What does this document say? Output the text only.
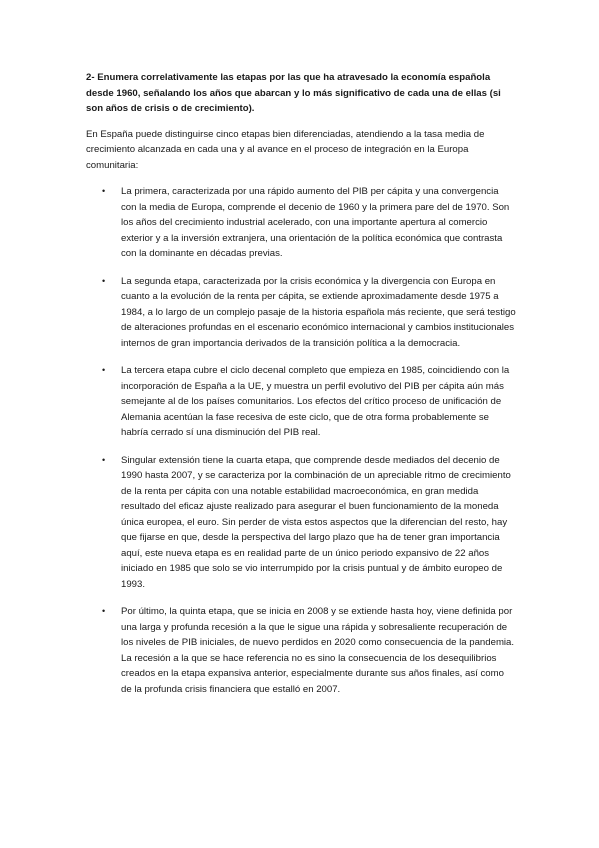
2- Enumera correlativamente las etapas por las que ha atravesado la economía española desde 1960, señalando los años que abarcan y lo más significativo de cada una de ellas (si son años de crisis o de crecimiento).

En España puede distinguirse cinco etapas bien diferenciadas, atendiendo a la tasa media de crecimiento alcanzada en cada una y al avance en el proceso de integración en la Europa comunitaria:

• La primera, caracterizada por una rápido aumento del PIB per cápita y una convergencia con la media de Europa, comprende el decenio de 1960 y la primera pare del de 1970. Son los años del crecimiento industrial acelerado, con una importante apertura al comercio exterior y a la inversión extranjera, una orientación de la política económica que contrasta con la dominante en décadas previas.
• La segunda etapa, caracterizada por la crisis económica y la divergencia con Europa en cuanto a la evolución de la renta per cápita, se extiende aproximadamente desde 1975 a 1984, a lo largo de un complejo pasaje de la historia española más reciente, que será testigo de alteraciones profundas en el escenario económico internacional y cambios institucionales internos de gran importancia derivados de la transición política a la democracia.
• La tercera etapa cubre el ciclo decenal completo que empieza en 1985, coincidiendo con la incorporación de España a la UE, y muestra un perfil evolutivo del PIB per cápita aún más semejante al de los países comunitarios. Los efectos del crítico proceso de unificación de Alemania acentúan la fase recesiva de este ciclo, que de otra forma probablemente se habría cerrado sí una disminución del PIB real.
• Singular extensión tiene la cuarta etapa, que comprende desde mediados del decenio de 1990 hasta 2007, y se caracteriza por la combinación de un apreciable ritmo de crecimiento de la renta per cápita con una notable estabilidad macroeconómica, en gran medida resultado del eficaz ajuste realizado para asegurar el buen funcionamiento de la moneda única europea, el euro. Sin perder de vista estos aspectos que la diferencian del resto, hay que fijarse en que, desde la perspectiva del largo plazo que ha de tener gran importancia aquí, este nueva etapa es en realidad parte de un único periodo expansivo de 22 años iniciado en 1985 que solo se vio interrumpido por la crisis puntual y de ámbito europeo de 1993.
• Por último, la quinta etapa, que se inicia en 2008 y se extiende hasta hoy, viene definida por una larga y profunda recesión a la que le sigue una rápida y sobresaliente recuperación de los niveles de PIB iniciales, de nuevo perdidos en 2020 como consecuencia de la pandemia. La recesión a la que se hace referencia no es sino la consecuencia de los desequilibrios creados en la etapa expansiva anterior, especialmente durante sus años finales, así como de la profunda crisis financiera que estalló en 2007.
